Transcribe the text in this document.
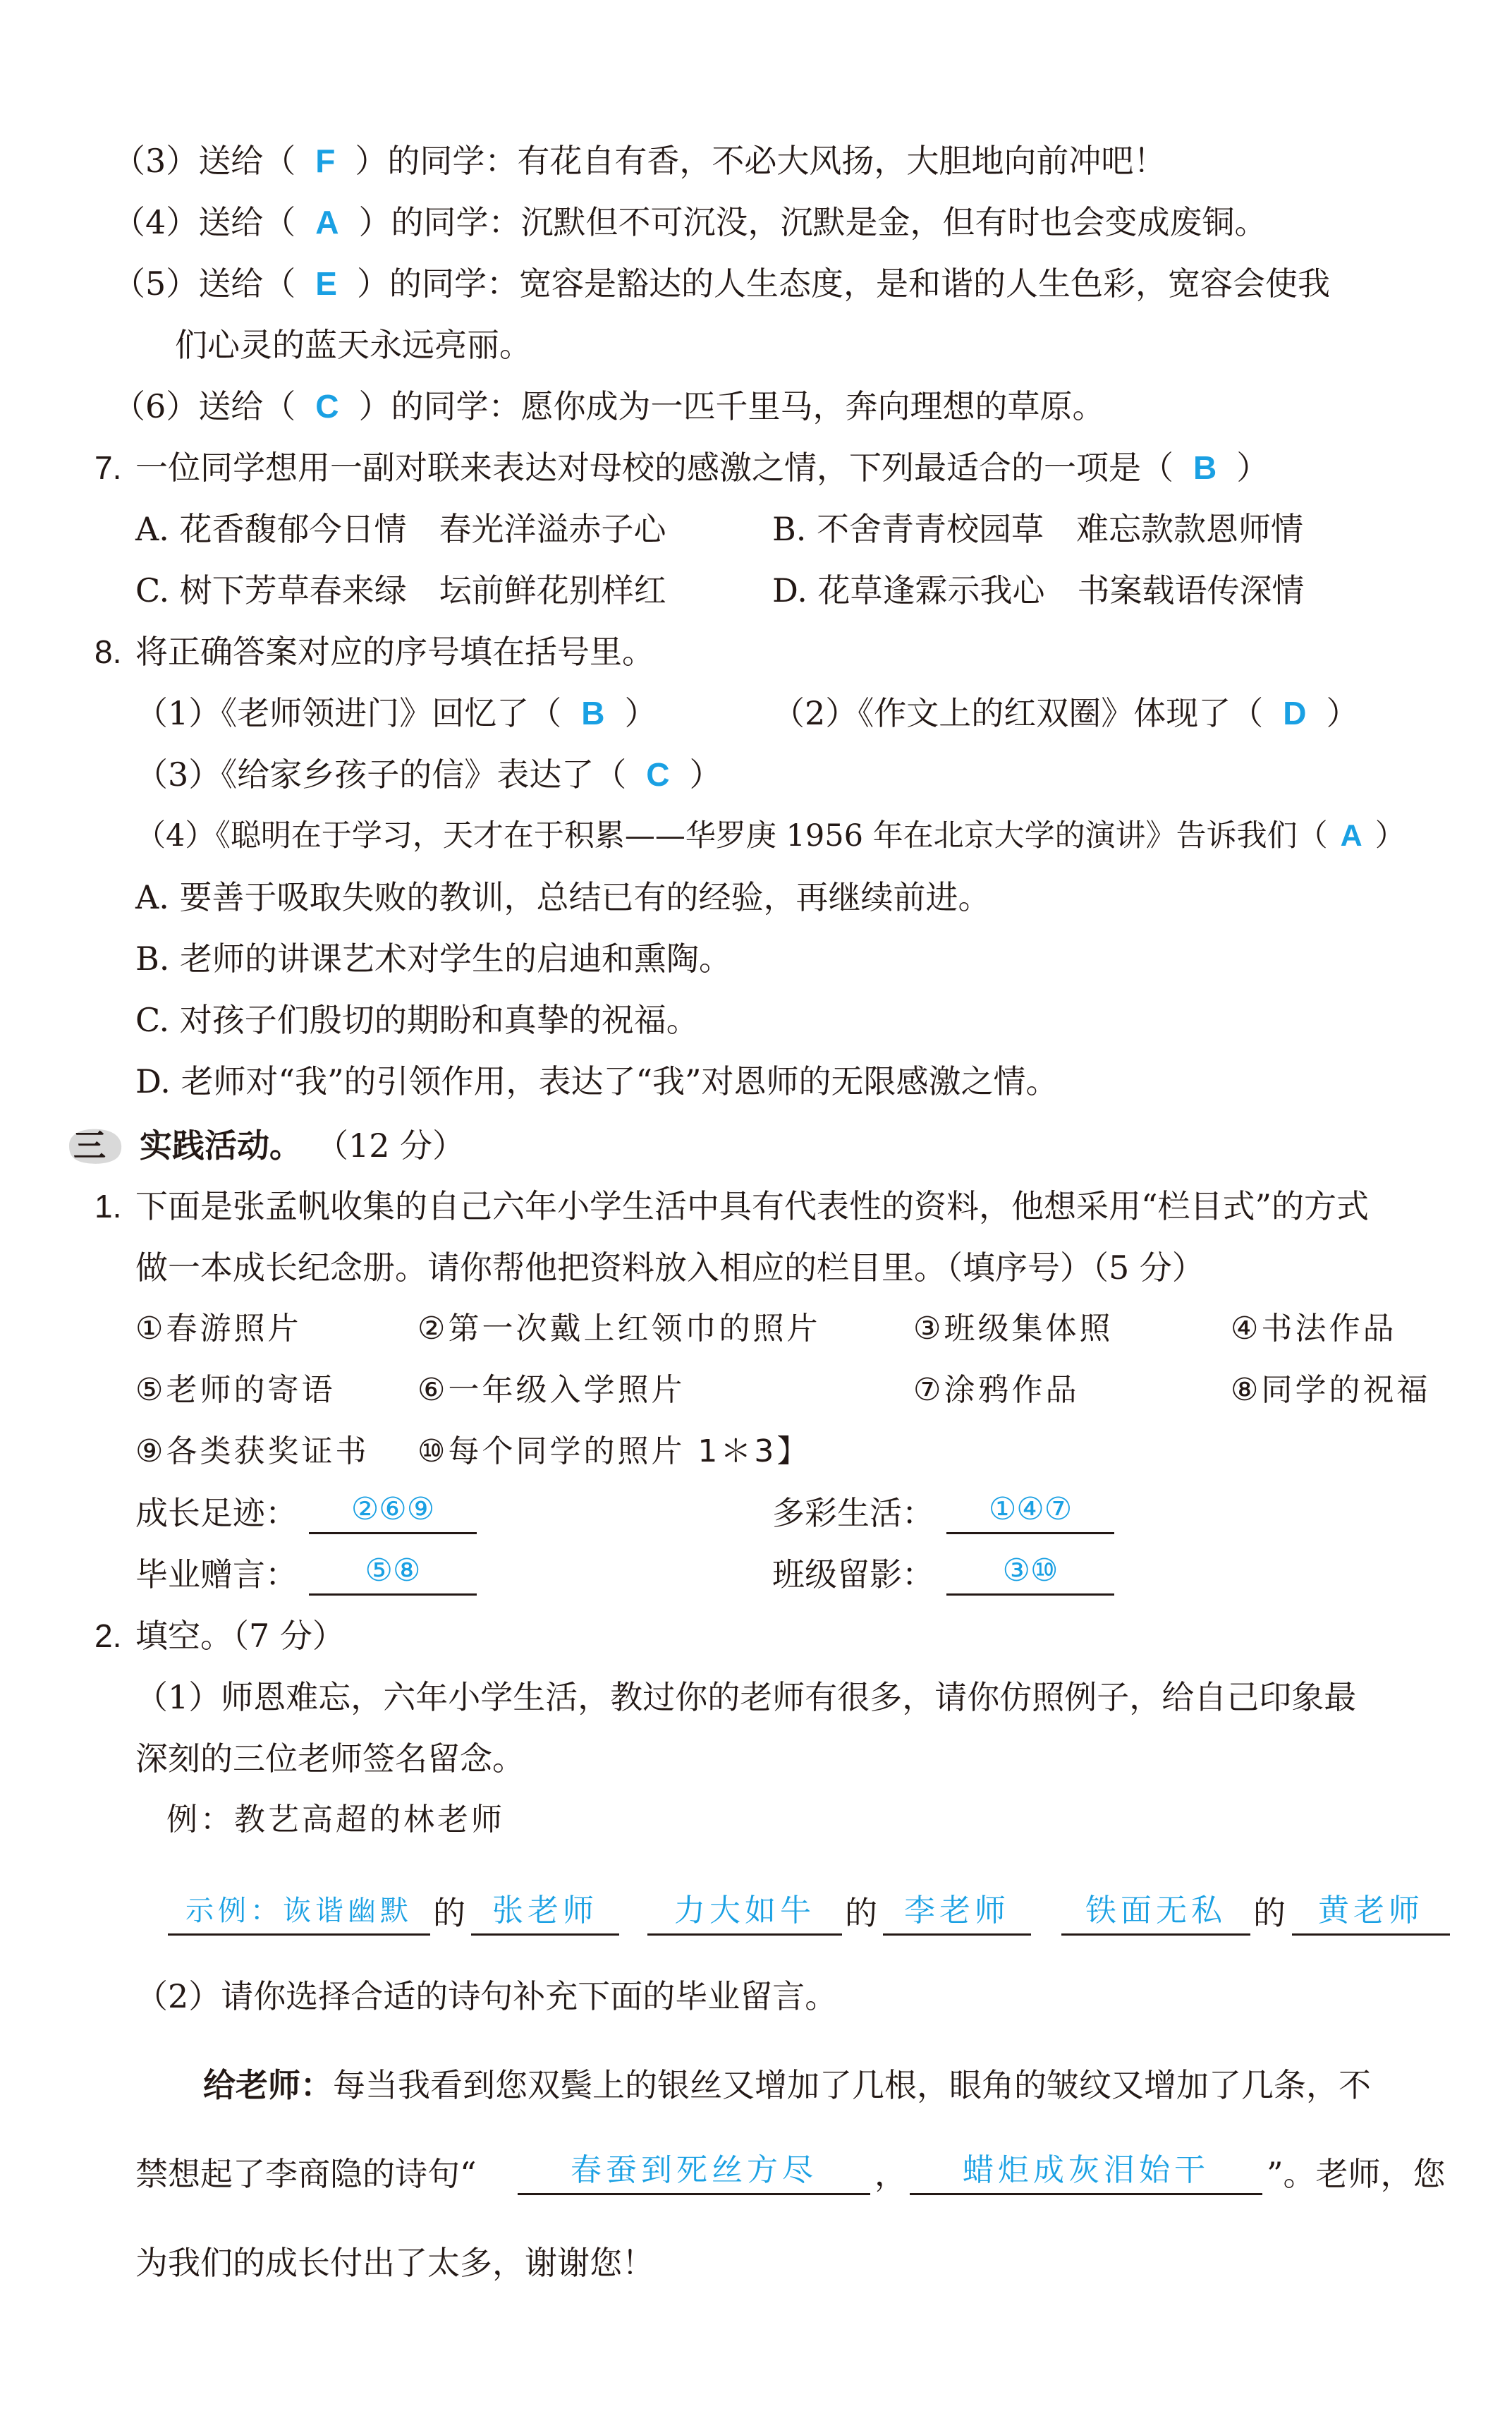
（3）送给（ F ）的同学：有花自有香，不必大风扬，大胆地向前冲吧！
（4）送给（ A ）的同学：沉默但不可沉没，沉默是金，但有时也会变成废铜。
（5）送给（ E ）的同学：宽容是豁达的人生态度，是和谐的人生色彩，宽容会使我
们心灵的蓝天永远亮丽。
（6）送给（ C ）的同学：愿你成为一匹千里马，奔向理想的草原。
7. 一位同学想用一副对联来表达对母校的感激之情，下列最适合的一项是（ B ）
A. 花香馥郁今日情　春光洋溢赤子心	B. 不舍青青校园草　难忘款款恩师情
C. 树下芳草春来绿　坛前鲜花别样红	D. 花草逢霖示我心　书案载语传深情
8. 将正确答案对应的序号填在括号里。
（1）《老师领进门》回忆了（ B ）	（2）《作文上的红双圈》体现了（ D ）
（3）《给家乡孩子的信》表达了（ C ）
（4）《聪明在于学习，天才在于积累——华罗庚 1956 年在北京大学的演讲》告诉我们（ A ）
A. 要善于吸取失败的教训，总结已有的经验，再继续前进。
B. 老师的讲课艺术对学生的启迪和熏陶。
C. 对孩子们殷切的期盼和真挚的祝福。
D. 老师对“我”的引领作用，表达了“我”对恩师的无限感激之情。
三 实践活动。 （12 分）
1. 下面是张孟帆收集的自己六年小学生活中具有代表性的资料，他想采用“栏目式”的方式
做一本成长纪念册。请你帮他把资料放入相应的栏目里。（填序号）（5 分）
①春游照片	②第一次戴上红领巾的照片	③班级集体照	④书法作品
⑤老师的寄语	⑥一年级入学照片	⑦涂鸦作品	⑧同学的祝福
⑨各类获奖证书 ⑩每个同学的照片 1＊3】
成长足迹：	②⑥⑨	多彩生活：	①④⑦
毕业赠言：	⑤⑧	班级留影：	③⑩
2. 填空。（7 分）
（1）师恩难忘，六年小学生活，教过你的老师有很多，请你仿照例子，给自己印象最
深刻的三位老师签名留念。
例：教艺高超的林老师
示例：诙谐幽默 的 张老师	力大如牛 的 李老师	铁面无私 的	黄老师
（2）请你选择合适的诗句补充下面的毕业留言。
给老师：每当我看到您双鬓上的银丝又增加了几根，眼角的皱纹又增加了几条，不
禁想起了李商隐的诗句“	春蚕到死丝方尽	，	蜡炬成灰泪始干	”。老师，您
为我们的成长付出了太多，谢谢您！
